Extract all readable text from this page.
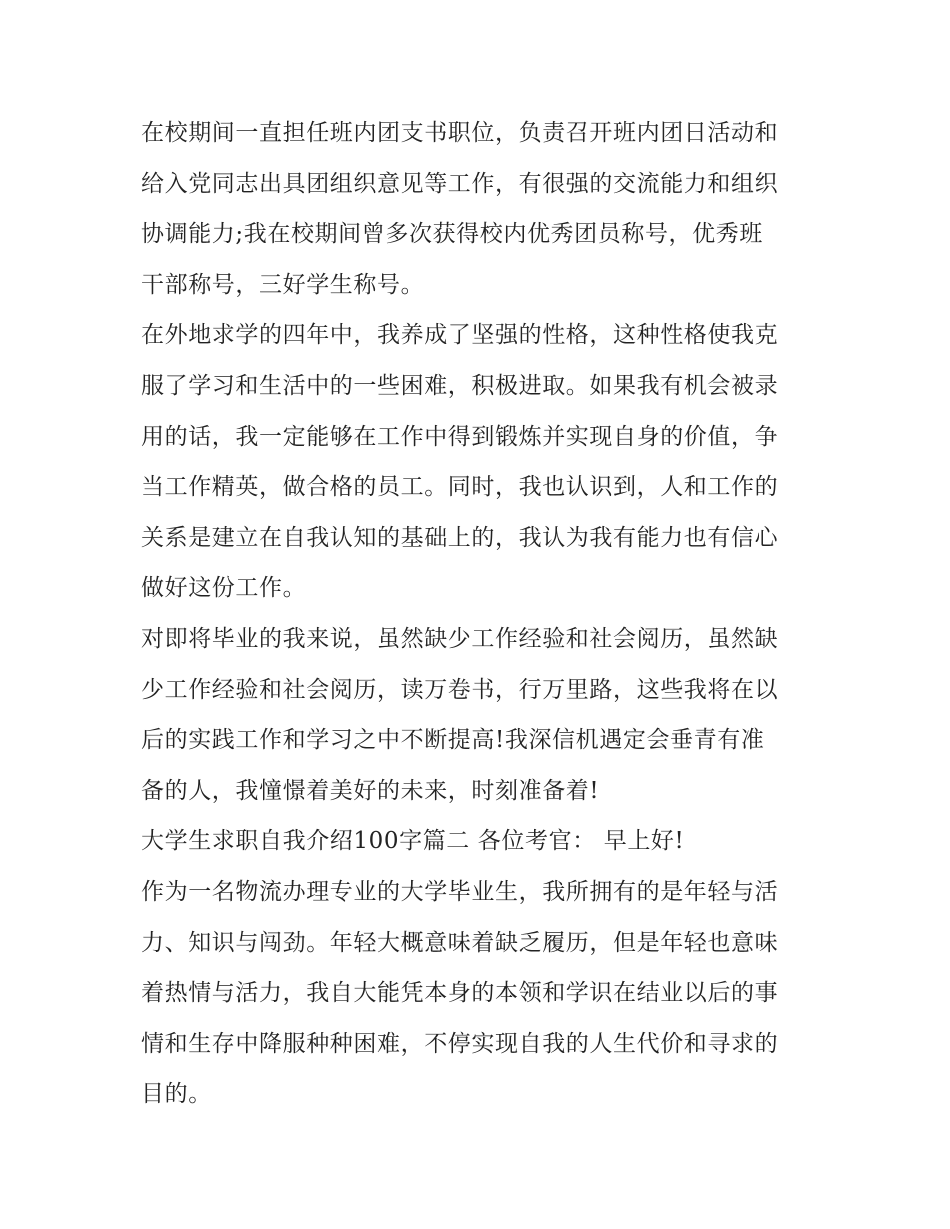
在校期间一直担任班内团支书职位，负责召开班内团日活动和
给入党同志出具团组织意见等工作，有很强的交流能力和组织
协调能力;我在校期间曾多次获得校内优秀团员称号，优秀班
干部称号，三好学生称号。

在外地求学的四年中，我养成了坚强的性格，这种性格使我克
服了学习和生活中的一些困难，积极进取。如果我有机会被录
用的话，我一定能够在工作中得到锻炼并实现自身的价值，争
当工作精英，做合格的员工。同时，我也认识到，人和工作的
关系是建立在自我认知的基础上的，我认为我有能力也有信心
做好这份工作。

对即将毕业的我来说，虽然缺少工作经验和社会阅历，虽然缺
少工作经验和社会阅历，读万卷书，行万里路，这些我将在以
后的实践工作和学习之中不断提高!我深信机遇定会垂青有准
备的人，我憧憬着美好的未来，时刻准备着!

大学生求职自我介绍100字篇二 各位考官： 早上好!

作为一名物流办理专业的大学毕业生，我所拥有的是年轻与活
力、知识与闯劲。年轻大概意味着缺乏履历，但是年轻也意味
着热情与活力，我自大能凭本身的本领和学识在结业以后的事
情和生存中降服种种困难，不停实现自我的人生代价和寻求的
目的。
